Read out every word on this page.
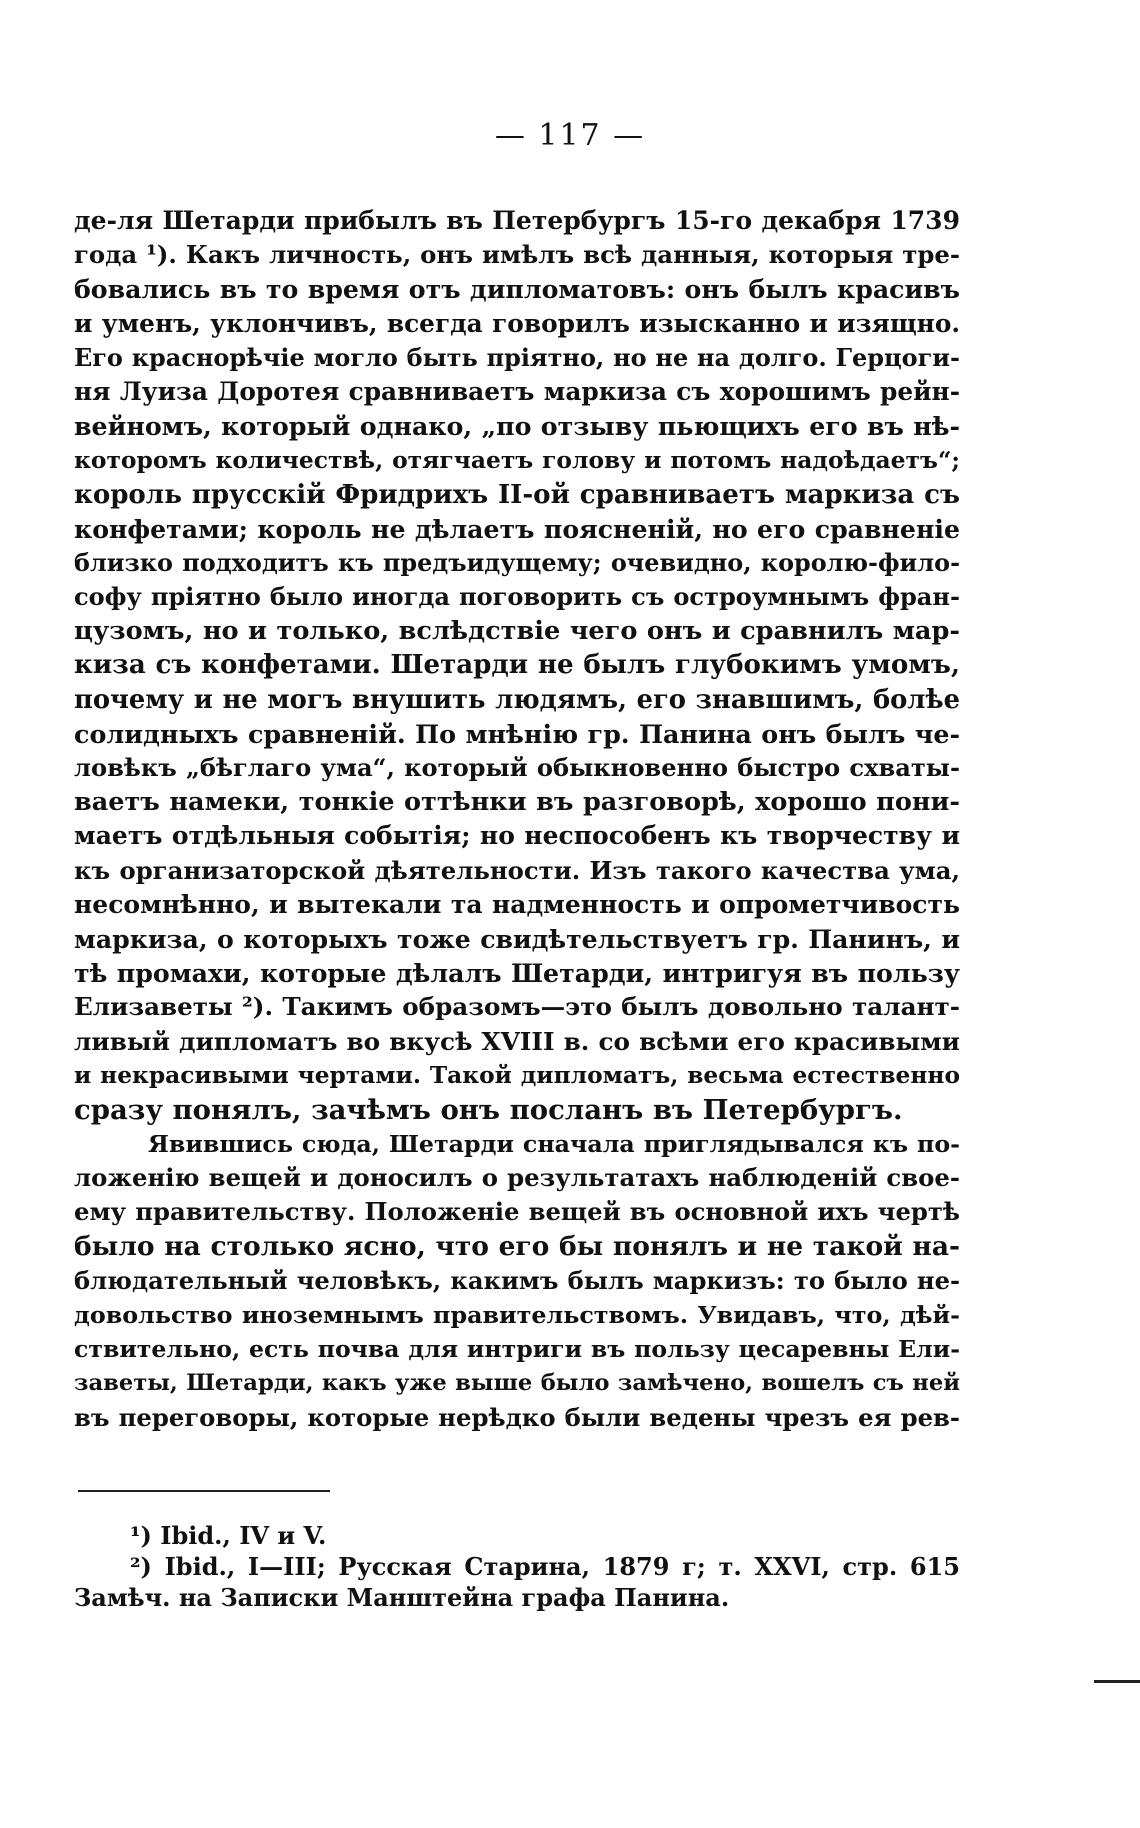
— 117 —
де-ля Шетарди прибылъ въ Петербургъ 15-го декабря 1739
года ¹). Какъ личность, онъ имѣлъ всѣ данныя, которыя тре-
бовались въ то время отъ дипломатовъ: онъ былъ красивъ
и уменъ, уклончивъ, всегда говорилъ изысканно и изящно.
Его краснорѣчіе могло быть пріятно, но не на долго. Герцоги-
ня Луиза Доротея сравниваетъ маркиза съ хорошимъ рейн-
вейномъ, который однако, „по отзыву пьющихъ его въ нѣ-
которомъ количествѣ, отягчаетъ голову и потомъ надоѣдаетъ“;
король прусскій Фридрихъ ІІ-ой сравниваетъ маркиза съ
конфетами; король не дѣлаетъ поясненій, но его сравненіе
близко подходитъ къ предъидущему; очевидно, королю-фило-
софу пріятно было иногда поговорить съ остроумнымъ фран-
цузомъ, но и только, вслѣдствіе чего онъ и сравнилъ мар-
киза съ конфетами. Шетарди не былъ глубокимъ умомъ,
почему и не могъ внушить людямъ, его знавшимъ, болѣе
солидныхъ сравненій. По мнѣнію гр. Панина онъ былъ че-
ловѣкъ „бѣглаго ума“, который обыкновенно быстро схваты-
ваетъ намеки, тонкіе оттѣнки въ разговорѣ, хорошо пони-
маетъ отдѣльныя событія; но неспособенъ къ творчеству и
къ организаторской дѣятельности. Изъ такого качества ума,
несомнѣнно, и вытекали та надменность и опрометчивость
маркиза, о которыхъ тоже свидѣтельствуетъ гр. Панинъ, и
тѣ промахи, которые дѣлалъ Шетарди, интригуя въ пользу
Елизаветы ²). Такимъ образомъ—это былъ довольно талант-
ливый дипломатъ во вкусѣ XVIII в. со всѣми его красивыми
и некрасивыми чертами. Такой дипломатъ, весьма естественно
сразу понялъ, зачѣмъ онъ посланъ въ Петербургъ.
Явившись сюда, Шетарди сначала приглядывался къ по-
ложенію вещей и доносилъ о результатахъ наблюденій свое-
ему правительству. Положеніе вещей въ основной ихъ чертѣ
было на столько ясно, что его бы понялъ и не такой на-
блюдательный человѣкъ, какимъ былъ маркизъ: то было не-
довольство иноземнымъ правительствомъ. Увидавъ, что, дѣй-
ствительно, есть почва для интриги въ пользу цесаревны Ели-
заветы, Шетарди, какъ уже выше было замѣчено, вошелъ съ ней
въ переговоры, которые нерѣдко были ведены чрезъ ея рев-
¹) Ibid., IV и V.
²) Ibid., I—III; Русская Старина, 1879 г; т. XXVI, стр. 615
Замѣч. на Записки Манштейна графа Панина.
